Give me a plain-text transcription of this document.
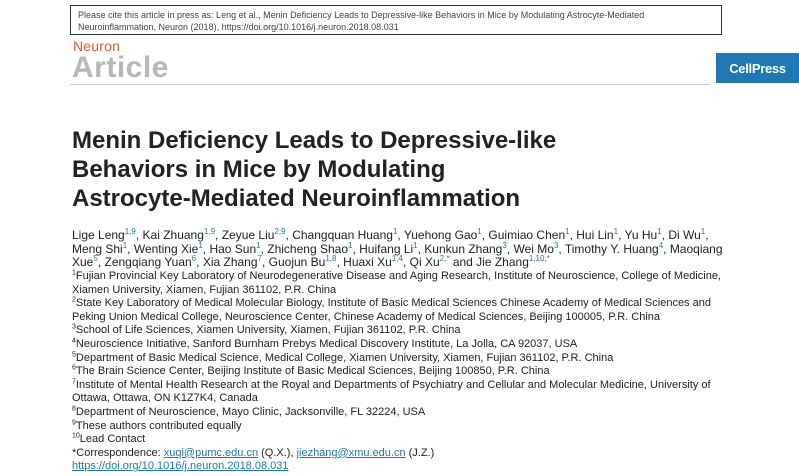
Please cite this article in press as: Leng et al., Menin Deficiency Leads to Depressive-like Behaviors in Mice by Modulating Astrocyte-Mediated Neuroinflammation, Neuron (2018), https://doi.org/10.1016/j.neuron.2018.08.031
Neuron
Article	CellPress
Menin Deficiency Leads to Depressive-like
Behaviors in Mice by Modulating
Astrocyte-Mediated Neuroinflammation
Lige Leng$^{1,9}$, Kai Zhuang$^{1,9}$, Zeyue Liu$^{2,9}$, Changquan Huang$^1$, Yuehong Gao$^1$, Guimiao Chen$^1$, Hui Lin$^1$, Yu Hu$^1$, Di Wu$^1$, Meng Shi$^1$, Wenting Xie$^1$, Hao Sun$^1$, Zhicheng Shao$^1$, Huifang Li$^1$, Kunkun Zhang$^3$, Wei Mo$^3$, Timothy Y. Huang$^4$, Maoqiang Xue$^5$, Zengqiang Yuan$^6$, Xia Zhang$^7$, Guojun Bu$^{1,8}$, Huaxi Xu$^{1,4}$, Qi $Xu^{2,*}$ and Jie Zhang$^{1,10,*}$

$^1$Fujian Provincial Key Laboratory of Neurodegenerative Disease and Aging Research, Institute of Neuroscience, College of Medicine, Xiamen University, Xiamen, Fujian 361102, P.R. China

$^2$State Key Laboratory of Medical Molecular Biology, Institute of Basic Medical Sciences Chinese Academy of Medical Sciences and Peking Union Medical College, Neuroscience Center, Chinese Academy of Medical Sciences, Beijing 100005, P.R. China

$^3$School of Life Sciences, Xiamen University, Xiamen, Fujian 361102, P.R. China

$^4$Neuroscience Initiative, Sanford Burnham Prebys Medical Discovery Institute, La Jolla, CA 92037, USA

$^5$Department of Basic Medical Science, Medical College, Xiamen University, Xiamen, Fujian 361102, P.R. China

$^6$The Brain Science Center, Beijing Institute of Basic Medical Sciences, Beijing 100850, P.R. China

$^7$Institute of Mental Health Research at the Royal and Departments of Psychiatry and Cellular and Molecular Medicine, University of Ottawa, Ottawa, ON K1Z7K4, Canada

$^8$Department of Neuroscience, Mayo Clinic, Jacksonville, FL 32224, USA

$^9$These authors contributed equally

$^{10}$Lead Contact

*Correspondence: xuqi@pumc.edu.cn (Q.X.), jiezhang@xmu.edu.cn (J.Z.)

https://doi.org/10.1016/j.neuron.2018.08.031
